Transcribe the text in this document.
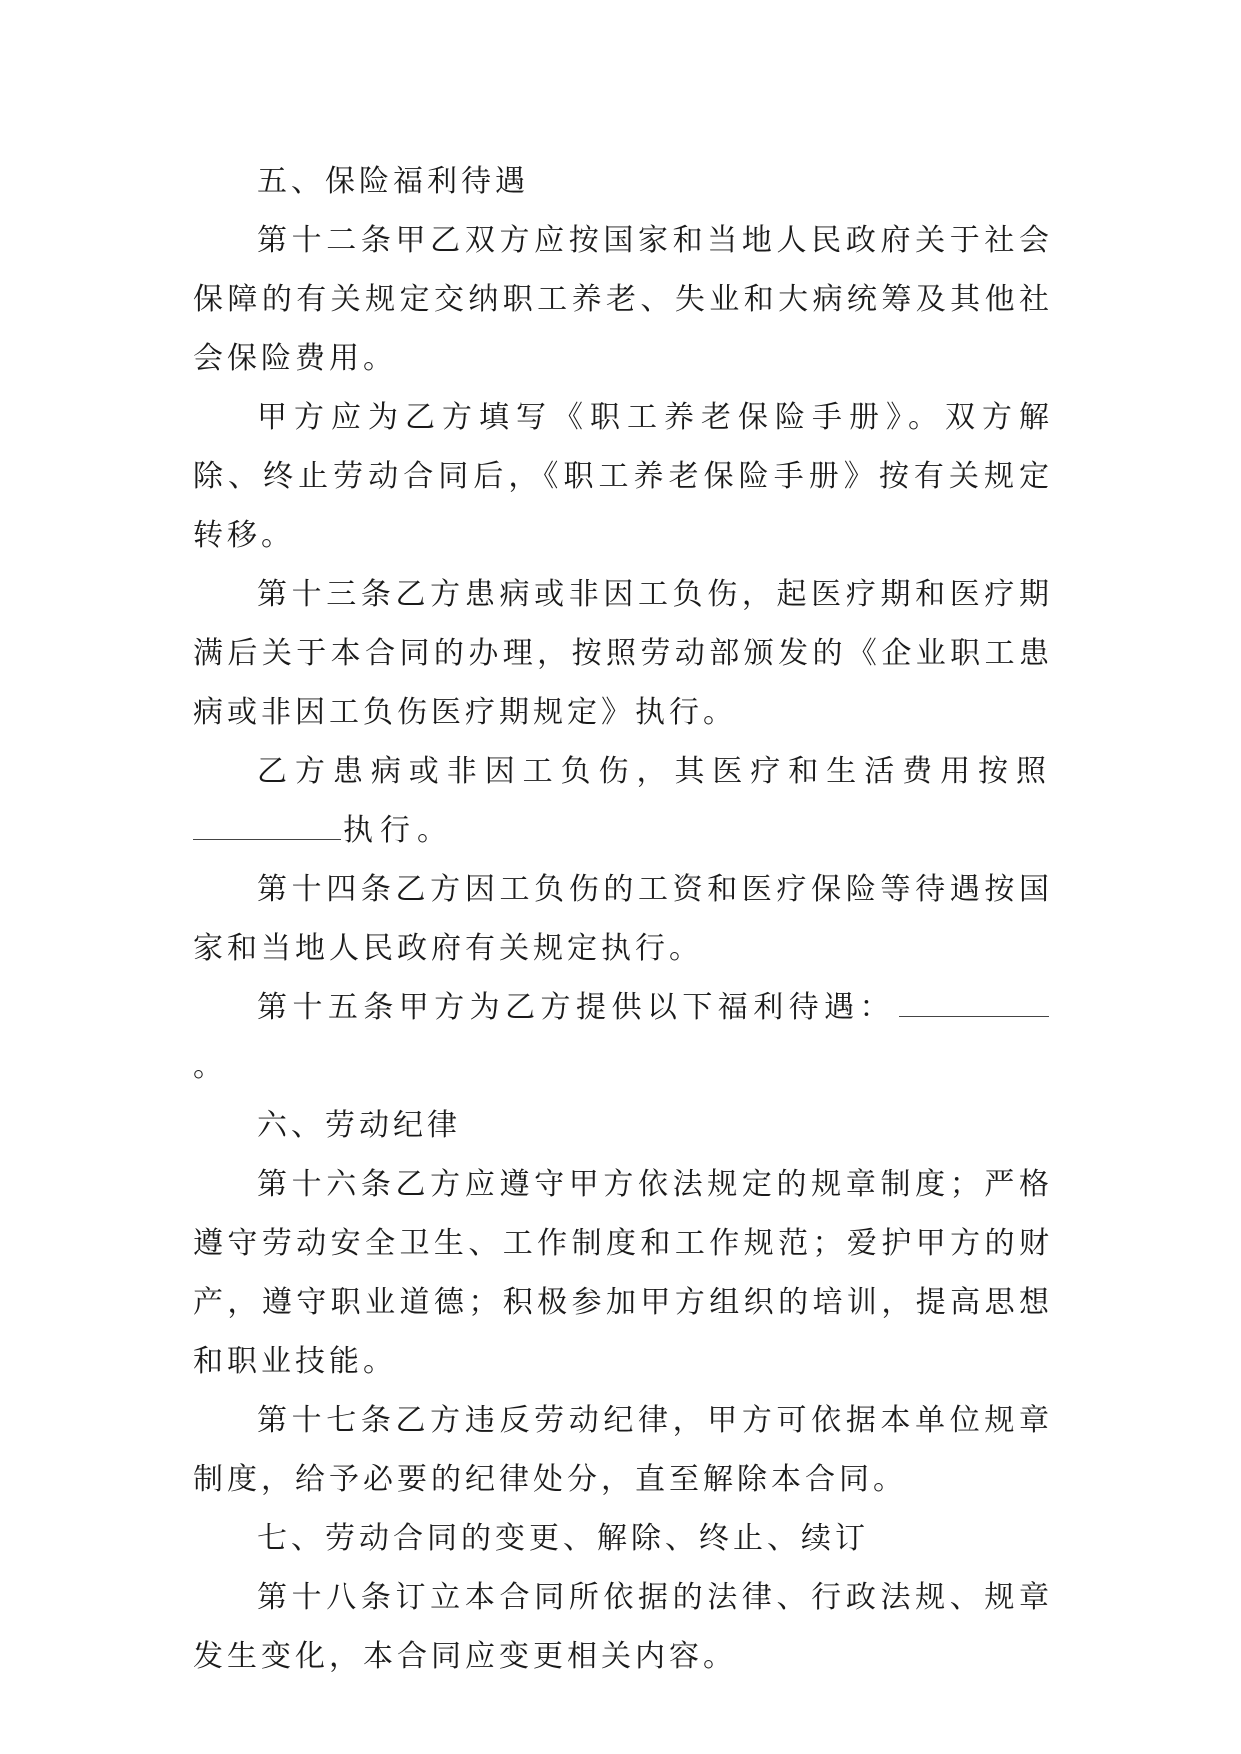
五、保险福利待遇

第十二条甲乙双方应按国家和当地人民政府关于社会保障的有关规定交纳职工养老、失业和大病统筹及其他社会保险费用。

甲方应为乙方填写《职工养老保险手册》。双方解除、终止劳动合同后，《职工养老保险手册》按有关规定转移。

第十三条乙方患病或非因工负伤，起医疗期和医疗期满后关于本合同的办理，按照劳动部颁发的《企业职工患病或非因工负伤医疗期规定》执行。

乙方患病或非因工负伤，其医疗和生活费用按照执行。

第十四条乙方因工负伤的工资和医疗保险等待遇按国家和当地人民政府有关规定执行。

第十五条甲方为乙方提供以下福利待遇：。

六、劳动纪律

第十六条乙方应遵守甲方依法规定的规章制度；严格遵守劳动安全卫生、工作制度和工作规范；爱护甲方的财产，遵守职业道德；积极参加甲方组织的培训，提高思想和职业技能。

第十七条乙方违反劳动纪律，甲方可依据本单位规章制度，给予必要的纪律处分，直至解除本合同。

七、劳动合同的变更、解除、终止、续订

第十八条订立本合同所依据的法律、行政法规、规章发生变化，本合同应变更相关内容。
